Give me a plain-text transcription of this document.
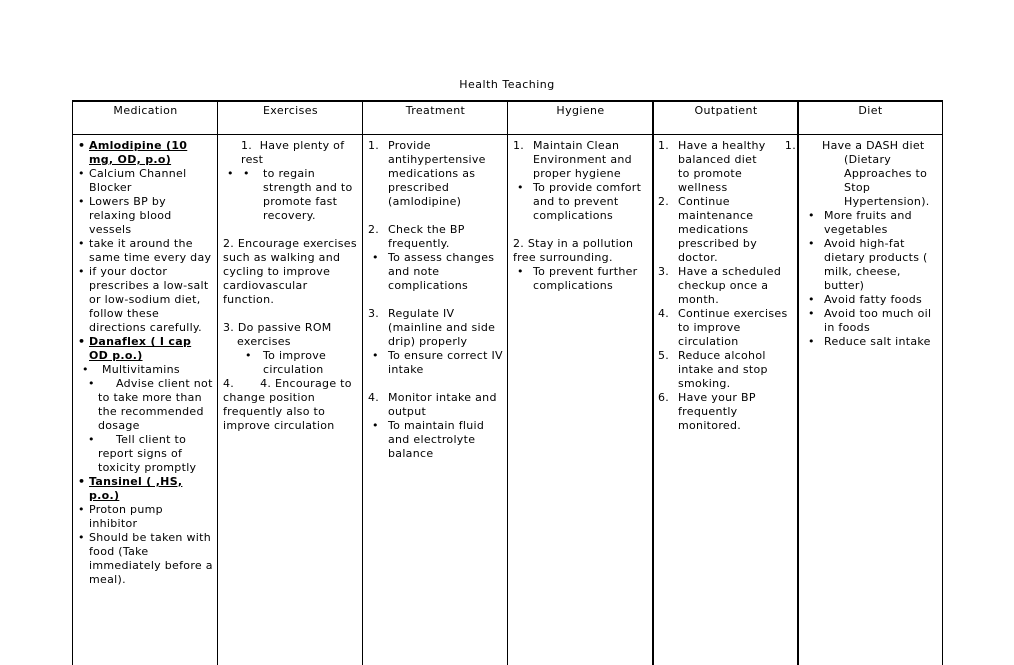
Health Teaching
Medication
• Amlodipine (10 mg, OD, p.o)
• Calcium Channel Blocker
• Lowers BP by relaxing blood vessels
• take it around the same time every day
• if your doctor prescribes a low-salt or low-sodium diet, follow these directions carefully.
• Danaflex ( I cap OD p.o.)
• Multivitamins
•	Advise client not to take more than the recommended dosage
•	Tell client to report signs of toxicity promptly
• Tansinel ( ,HS, p.o.)
• Proton pump inhibitor
• Should be taken with food (Take immediately before a meal).
Exercises
1. Have plenty of rest
• • to regain strength and to promote fast recovery.
2. Encourage exercises such as walking and cycling to improve cardiovascular function.
3. Do passive ROM exercises
• To improve circulation
4. 4. Encourage to change position frequently also to improve circulation
Treatment
1. Provide antihypertensive medications as prescribed (amlodipine)
2. Check the BP frequently.
• To assess changes and note complications
3. Regulate IV (mainline and side drip) properly
• To ensure correct IV intake
4. Monitor intake and output
• To maintain fluid and electrolyte balance
Hygiene
1. Maintain Clean Environment and proper hygiene
• To provide comfort and to prevent complications
2. Stay in a pollution free surrounding.
• To prevent further complications
Outpatient
1.
1. Have a healthy balanced diet to promote wellness
2. Continue maintenance medications prescribed by doctor.
3. Have a scheduled checkup once a month.
4. Continue exercises to improve circulation
5. Reduce alcohol intake and stop smoking.
6. Have your BP frequently monitored.
Diet
Have a DASH diet
(Dietary Approaches to Stop Hypertension).
• More fruits and vegetables
• Avoid high-fat dietary products ( milk, cheese, butter)
• Avoid fatty foods
• Avoid too much oil in foods
• Reduce salt intake
